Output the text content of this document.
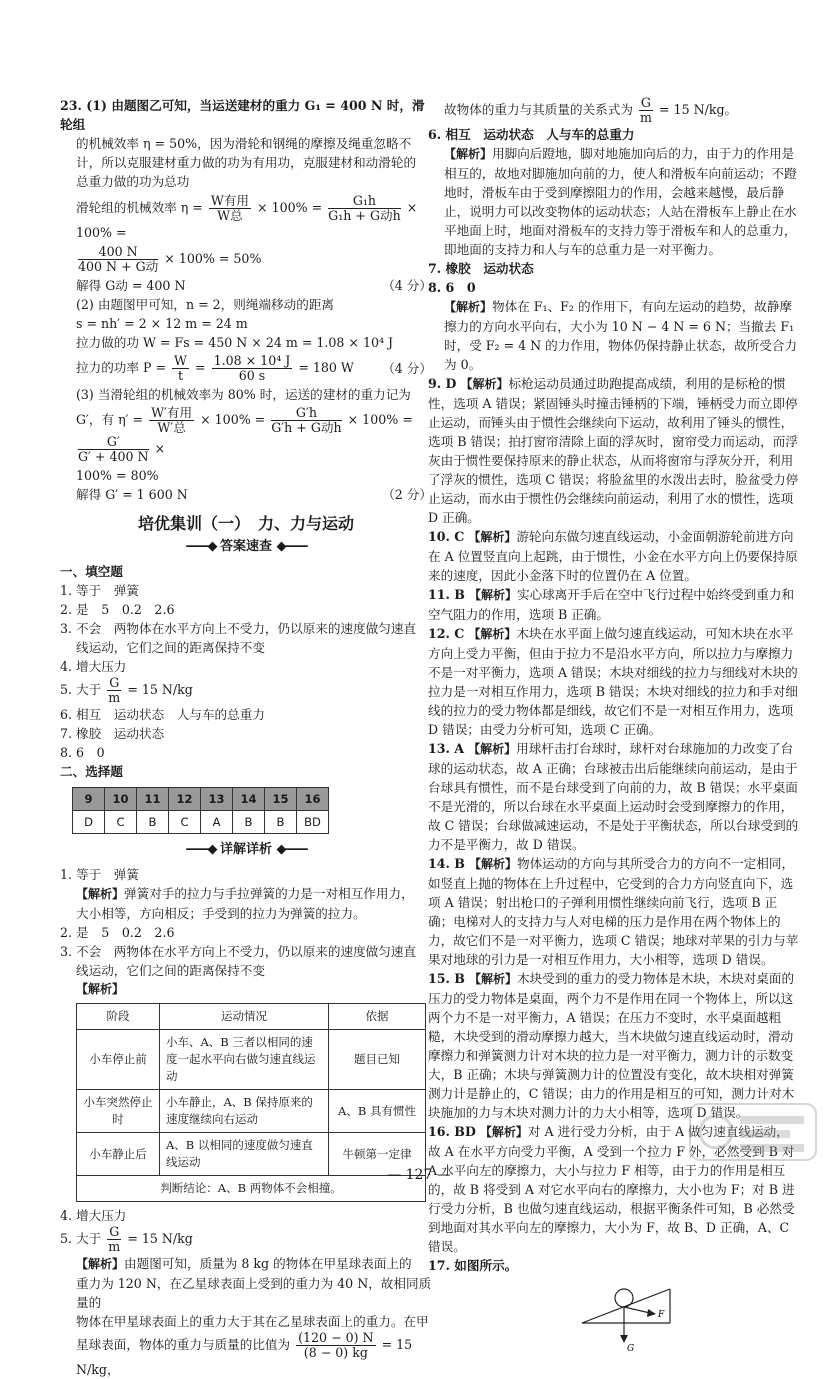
23. (1) 由题图乙可知，当运送建材的重力 G₁ = 400 N 时，滑轮组

的机械效率 η = 50%，因为滑轮和钢绳的摩擦及绳重忽略不

计，所以克服建材重力做的功为有用功，克服建材和动滑轮的

总重力做的功为总功

滑轮组的机械效率 $\eta = \frac{\text{W有用}}{\text{W总}} \times 100\% = \frac{\text{G₁h}}{\text{G₁h + G动h}} \times 100\%$ =

$\frac{400 N}{\text{400 N + G动}} \times 100\% = 50\%$

解得 G动 = 400 N	（4 分）

(2) 由题图甲可知，n = 2，则绳端移动的距离

s = nh′ = 2 × 12 m = 24 m

拉力做的功 W = Fs = 450 N × 24 m = 1.08 × 10⁴ J

拉力的功率 $P = \frac{W}{t} = \frac{\text{1.08 × 10⁴ J}}{60 s} = 180$ W （4 分）

(3) 当滑轮组的机械效率为 80% 时，运送的建材的重力记为

G′，有 $\eta' = \frac{\text{W′有用}}{\text{W′总}} \times 100\% = \frac{G'h}{\text{G′h + G动h}} \times 100\%$ =
$\frac{G'}{G' + 400 N}$ ×

100% = 80%

解得 G′ = 1 600 N	（2 分）

培优集训（一）　力、力与运动
——◆ 答案速查 ◆——

一、填空题

1. 等于　弹簧

2. 是　5　0.2　2.6

3. 不会　两物体在水平方向上不受力，仍以原来的速度做匀速直

线运动，它们之间的距离保持不变

4. 增大压力

5. 大于 $\frac{G}{m} = 15$ N/kg

6. 相互　运动状态　人与车的总重力

7. 橡胶　运动状态

8. 6　0

二、选择题

9	10	11	12	13	14	15	16
D	C	B	C	A	B	B	BD
——◆ 详解详析 ◆——

1. 等于　弹簧

【解析】弹簧对手的拉力与手拉弹簧的力是一对相互作用力，

大小相等，方向相反；手受到的拉力为弹簧的拉力。

2. 是　5　0.2　2.6

3. 不会　两物体在水平方向上不受力，仍以原来的速度做匀速直

线运动，它们之间的距离保持不变

【解析】

阶段	运动情况	依据
小车停止前	小车、A、B 三者以相同的速度一起水平向右做匀速直线运动	题目已知
小车突然停止时	小车静止，A、B 保持原来的速度继续向右运动	A、B 具有惯性
小车静止后	A、B 以相同的速度做匀速直线运动	牛顿第一定律
判断结论：A、B 两物体不会相撞。		

4. 增大压力

5. 大于 $\frac{G}{m} = 15$ N/kg

【解析】由题图可知，质量为 8 kg 的物体在甲星球表面上的

重力为 120 N，在乙星球表面上受到的重力为 40 N，故相同质量的

物体在甲星球表面上的重力大于其在乙星球表面上的重力。在甲

星球表面，物体的重力与质量的比值为 $\frac{(120 - 0) N}{(8 - 0) kg} = 15$ N/kg，

故物体的重力与其质量的关系式为 $\frac{G}{m} = 15$ N/kg。

6. 相互　运动状态　人与车的总重力

【解析】用脚向后蹬地，脚对地施加向后的力，由于力的作用是相互的，故地对脚施加向前的力，使人和滑板车向前运动；不蹬地时，滑板车由于受到摩擦阻力的作用，会越来越慢，最后静止，说明力可以改变物体的运动状态；人站在滑板车上静止在水平地面上时，地面对滑板车的支持力等于滑板车和人的总重力，即地面的支持力和人与车的总重力是一对平衡力。

7. 橡胶　运动状态

8. 6　0

【解析】物体在 F₁、F₂ 的作用下，有向左运动的趋势，故静摩擦力的方向水平向右，大小为 10 N − 4 N = 6 N；当撤去 F₁ 时，受 F₂ = 4 N 的力作用，物体仍保持静止状态，故所受合力为 0。

9. D 【解析】标枪运动员通过助跑提高成绩，利用的是标枪的惯性，选项 A 错误；紧固锤头时撞击锤柄的下端，锤柄受力而立即停止运动，而锤头由于惯性会继续向下运动，故利用了锤头的惯性，选项 B 错误；拍打窗帘清除上面的浮灰时，窗帘受力而运动，而浮灰由于惯性要保持原来的静止状态，从而将窗帘与浮灰分开，利用了浮灰的惯性，选项 C 错误；将脸盆里的水泼出去时，脸盆受力停止运动，而水由于惯性仍会继续向前运动，利用了水的惯性，选项 D 正确。

10. C 【解析】游轮向东做匀速直线运动，小金面朝游轮前进方向在 A 位置竖直向上起跳，由于惯性，小金在水平方向上仍要保持原来的速度，因此小金落下时的位置仍在 A 位置。

11. B 【解析】实心球离开手后在空中飞行过程中始终受到重力和空气阻力的作用，选项 B 正确。

12. C 【解析】木块在水平面上做匀速直线运动，可知木块在水平方向上受力平衡，但由于拉力不是沿水平方向，所以拉力与摩擦力不是一对平衡力，选项 A 错误；木块对细线的拉力与细线对木块的拉力是一对相互作用力，选项 B 错误；木块对细线的拉力和手对细线的拉力的受力物体都是细线，故它们不是一对相互作用力，选项 D 错误；由受力分析可知，选项 C 正确。

13. A 【解析】用球杆击打台球时，球杆对台球施加的力改变了台球的运动状态，故 A 正确；台球被击出后能继续向前运动，是由于台球具有惯性，而不是台球受到了向前的力，故 B 错误；水平桌面不是光滑的，所以台球在水平桌面上运动时会受到摩擦力的作用，故 C 错误；台球做减速运动，不是处于平衡状态，所以台球受到的力不是平衡力，故 D 错误。

14. B 【解析】物体运动的方向与其所受合力的方向不一定相同，如竖直上抛的物体在上升过程中，它受到的合力方向竖直向下，选项 A 错误；射出枪口的子弹利用惯性继续向前飞行，选项 B 正确；电梯对人的支持力与人对电梯的压力是作用在两个物体上的力，故它们不是一对平衡力，选项 C 错误；地球对苹果的引力与苹果对地球的引力是一对相互作用力，大小相等，选项 D 错误。

15. B 【解析】木块受到的重力的受力物体是木块，木块对桌面的压力的受力物体是桌面，两个力不是作用在同一个物体上，所以这两个力不是一对平衡力，A 错误；在压力不变时，水平桌面越粗糙，木块受到的滑动摩擦力越大，当木块做匀速直线运动时，滑动摩擦力和弹簧测力计对木块的拉力是一对平衡力，测力计的示数变大，B 正确；木块与弹簧测力计的位置没有变化，故木块相对弹簧测力计是静止的，C 错误；由力的作用是相互的可知，测力计对木块施加的力与木块对测力计的力大小相等，选项 D 错误。

16. BD 【解析】对 A 进行受力分析，由于 A 做匀速直线运动，故 A 在水平方向受力平衡，A 受到一个拉力 F 外，必然受到 B 对 A 水平向左的摩擦力，大小与拉力 F 相等，由于力的作用是相互的，故 B 将受到 A 对它水平向右的摩擦力，大小也为 F；对 B 进行受力分析，B 也做匀速直线运动，根据平衡条件可知，B 必然受到地面对其水平向左的摩擦力，大小为 F，故 B、D 正确，A、C 错误。

17. 如图所示。

F
G
— 127 —
